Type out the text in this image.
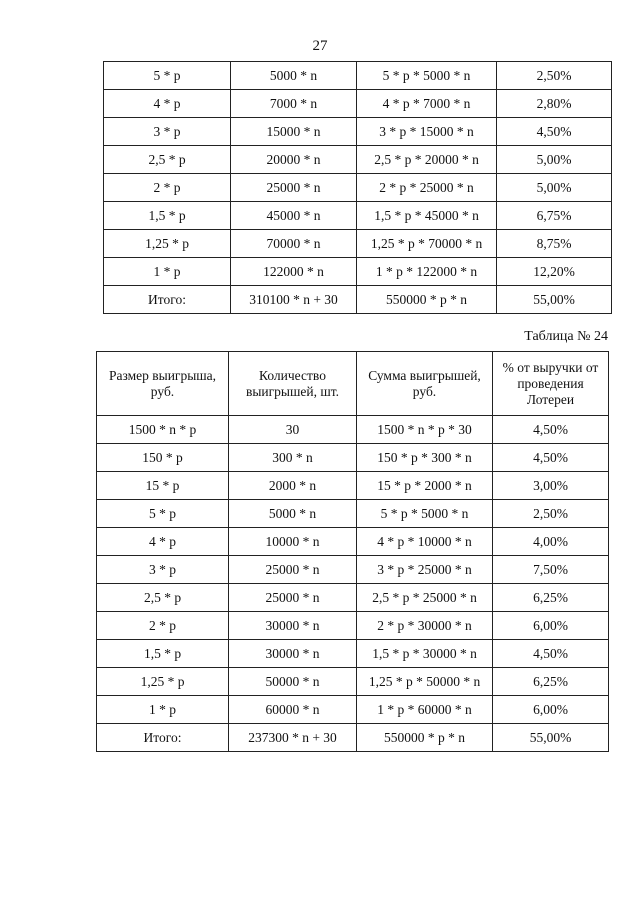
27
5 * p	5000 * n	5 * p * 5000 * n	2,50%
4 * p	7000 * n	4 * p * 7000 * n	2,80%
3 * p	15000 * n	3 * p * 15000 * n	4,50%
2,5 * p	20000 * n	2,5 * p * 20000 * n	5,00%
2 * p	25000 * n	2 * p * 25000 * n	5,00%
1,5 * p	45000 * n	1,5 * p * 45000 * n	6,75%
1,25 * p	70000 * n	1,25 * p * 70000 * n	8,75%
1 * p	122000 * n	1 * p * 122000 * n	12,20%
Итого:	310100 * n + 30	550000 * p * n	55,00%
Таблица № 24
Размер выигрыша, руб.	Количество выигрышей, шт.	Сумма выигрышей, руб.	% от выручки от проведения Лотереи
1500 * n * p	30	1500 * n * p * 30	4,50%
150 * p	300 * n	150 * p * 300 * n	4,50%
15 * p	2000 * n	15 * p * 2000 * n	3,00%
5 * p	5000 * n	5 * p * 5000 * n	2,50%
4 * p	10000 * n	4 * p * 10000 * n	4,00%
3 * p	25000 * n	3 * p * 25000 * n	7,50%
2,5 * p	25000 * n	2,5 * p * 25000 * n	6,25%
2 * p	30000 * n	2 * p * 30000 * n	6,00%
1,5 * p	30000 * n	1,5 * p * 30000 * n	4,50%
1,25 * p	50000 * n	1,25 * p * 50000 * n	6,25%
1 * p	60000 * n	1 * p * 60000 * n	6,00%
Итого:	237300 * n + 30	550000 * p * n	55,00%
